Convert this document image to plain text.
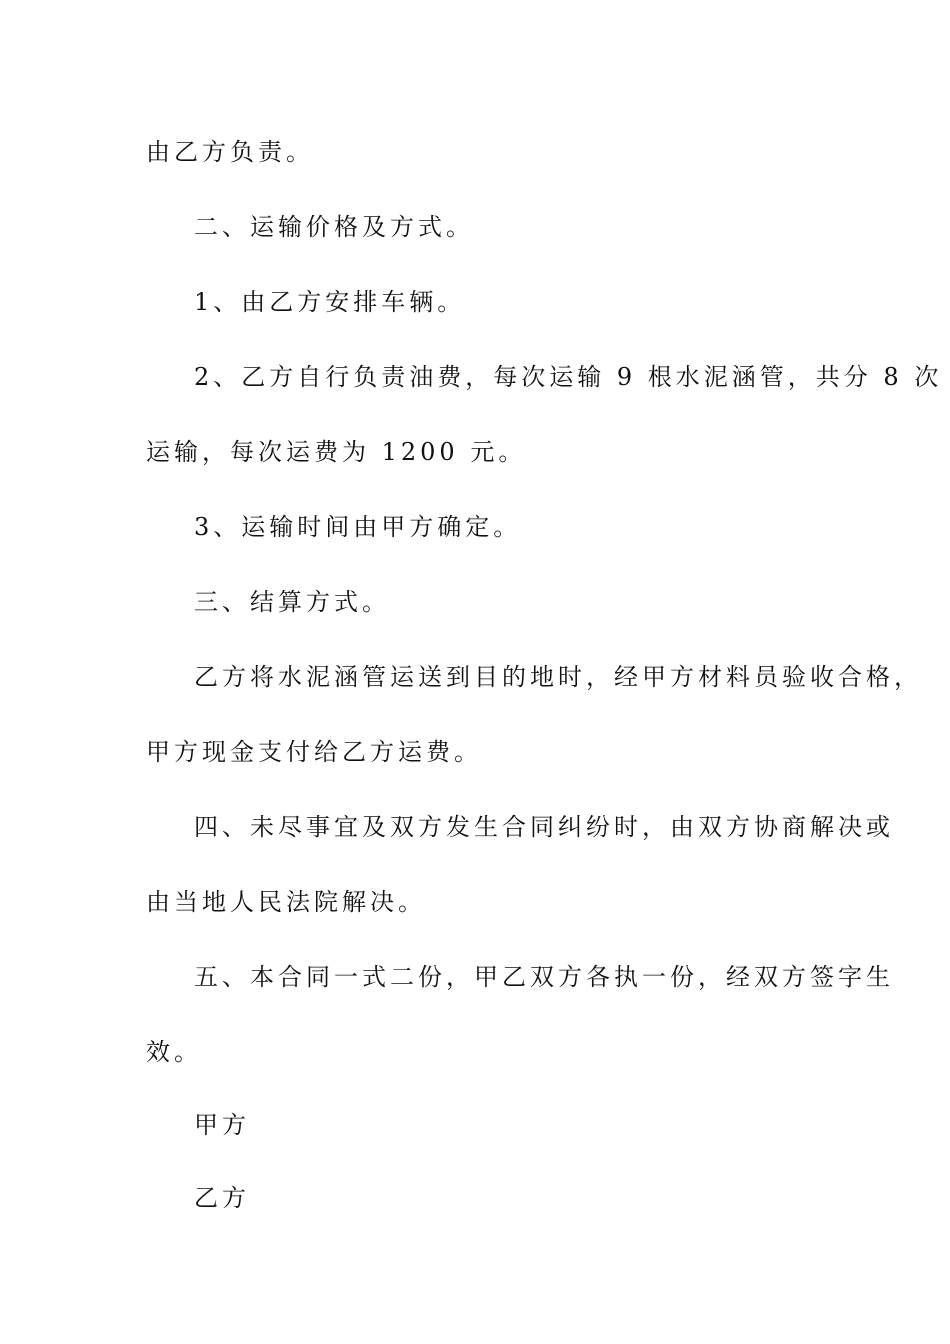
由乙方负责。
二、运输价格及方式。
1、由乙方安排车辆。
2、乙方自行负责油费，每次运输 9 根水泥涵管，共分 8 次
运输，每次运费为 1200 元。
3、运输时间由甲方确定。
三、结算方式。
乙方将水泥涵管运送到目的地时，经甲方材料员验收合格，
甲方现金支付给乙方运费。
四、未尽事宜及双方发生合同纠纷时，由双方协商解决或
由当地人民法院解决。
五、本合同一式二份，甲乙双方各执一份，经双方签字生
效。
甲方
乙方
